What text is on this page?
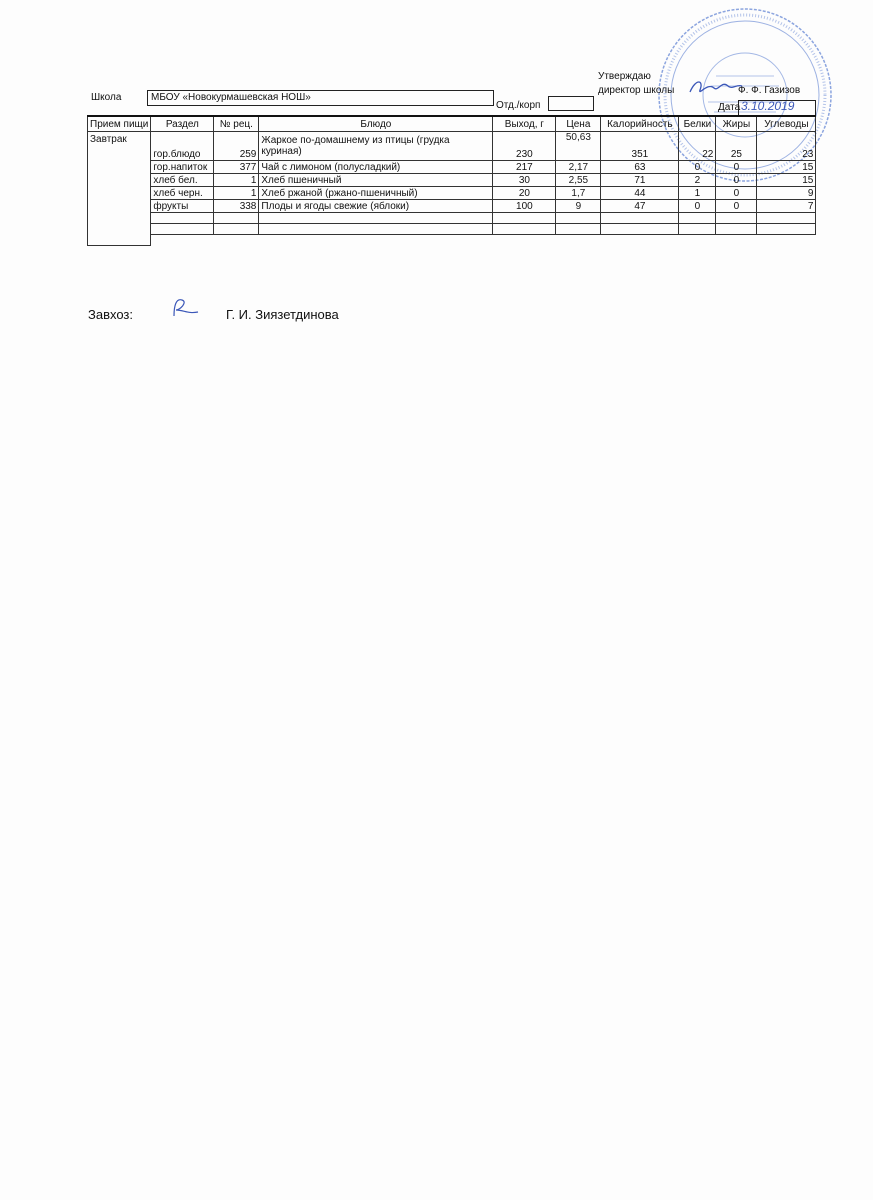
Утверждаю
директор школы	Ф. Ф. Газизов
Школа	МБОУ «Новокурмашевская НОШ»
Отд./корп	Дата 3.10.2019
Прием пищи	Раздел	№ рец.	Блюдо	Выход, г	Цена	Калорийность	Белки	Жиры	Углеводы
Завтрак	гор.блюдо	259	Жаркое по-домашнему из птицы (грудка куриная)	230	50,63	351	22	25	23
	гор.напиток	377	Чай с лимоном (полусладкий)	217	2,17	63	0	0	15
	хлеб бел.	1	Хлеб пшеничный	30	2,55	71	2	0	15
	хлеб черн.	1	Хлеб ржаной (ржано-пшеничный)	20	1,7	44	1	0	9
	фрукты	338	Плоды и ягоды свежие (яблоки)	100	9	47	0	0	7

Завхоз:	Г. И. Зиязетдинова
